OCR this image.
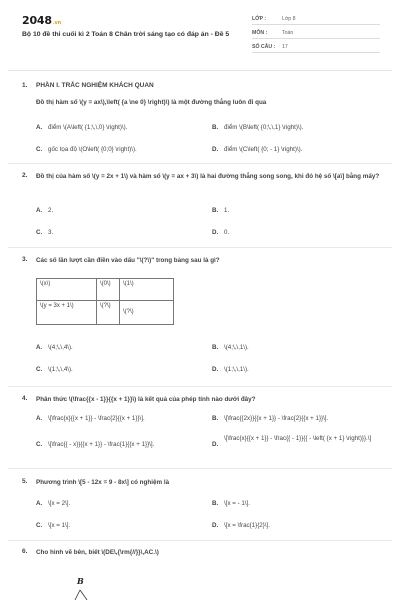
2048.vn
Bộ 10 đề thi cuối kì 2 Toán 8 Chân trời sáng tạo có đáp án - Đề 5
LỚP :	Lớp 8
MÔN :	Toán
SỐ CÂU :	17
1. PHẦN I. TRẮC NGHIỆM KHÁCH QUAN
Đồ thị hàm số \(y = ax\),\left( {a \ne 0} \right)\) là một đường thẳng luôn đi qua
A. điểm \(A\left( {1;\,\,0} \right)\).	B. điểm \(B\left( {0;\,\,1} \right)\).
C. gốc tọa độ \(O\left( {0;0} \right)\).	D. điểm \(C\left( {0; - 1} \right)\).
2. Đồ thị của hàm số \(y = 2x + 1\) và hàm số \(y = ax + 3\) là hai đường thẳng song song, khi đó hệ số \[a\] bằng mấy?
A. 2.	B. 1.
C. 3.	D. 0.
3. Các số lần lượt cần điền vào dấu "\(?\)" trong bảng sau là gì?
\(x\)	\(0\)	\(1\)
\(y = 3x + 1\)	\(?\)	\(?\)
A. \(4;\,\,4\).	B. \(4;\,\,1\).
C. \(1;\,\,4\).	D. \(1;\,\,1\).
4. Phân thức \(\frac{{x - 1}}{{x + 1}}\) là kết quả của phép tính nào dưới đây?
A. \[\frac{x}{{x + 1}} - \frac{2}{{x + 1}}\].	B. \[\frac{{2x}}{{x + 1}} - \frac{2}{{x + 1}}\].
C. \[\frac{{ - x}}{{x + 1}} - \frac{1}{{x + 1}}\].	D.
\[\frac{x}{{x + 1}} - \frac{{ - 1}}{{ - \left( {x + 1} \right)}}.\]
5. Phương trình \[5 - 12x = 9 - 8x\] có nghiệm là
A. \[x = 2\].	B. \[x = - 1\].
C. \[x = 1\].	D. \[x = \frac{1}{2}\].
6. Cho hình vẽ bên, biết \(DE\,{\rm{//}}\,AC.\)
B
